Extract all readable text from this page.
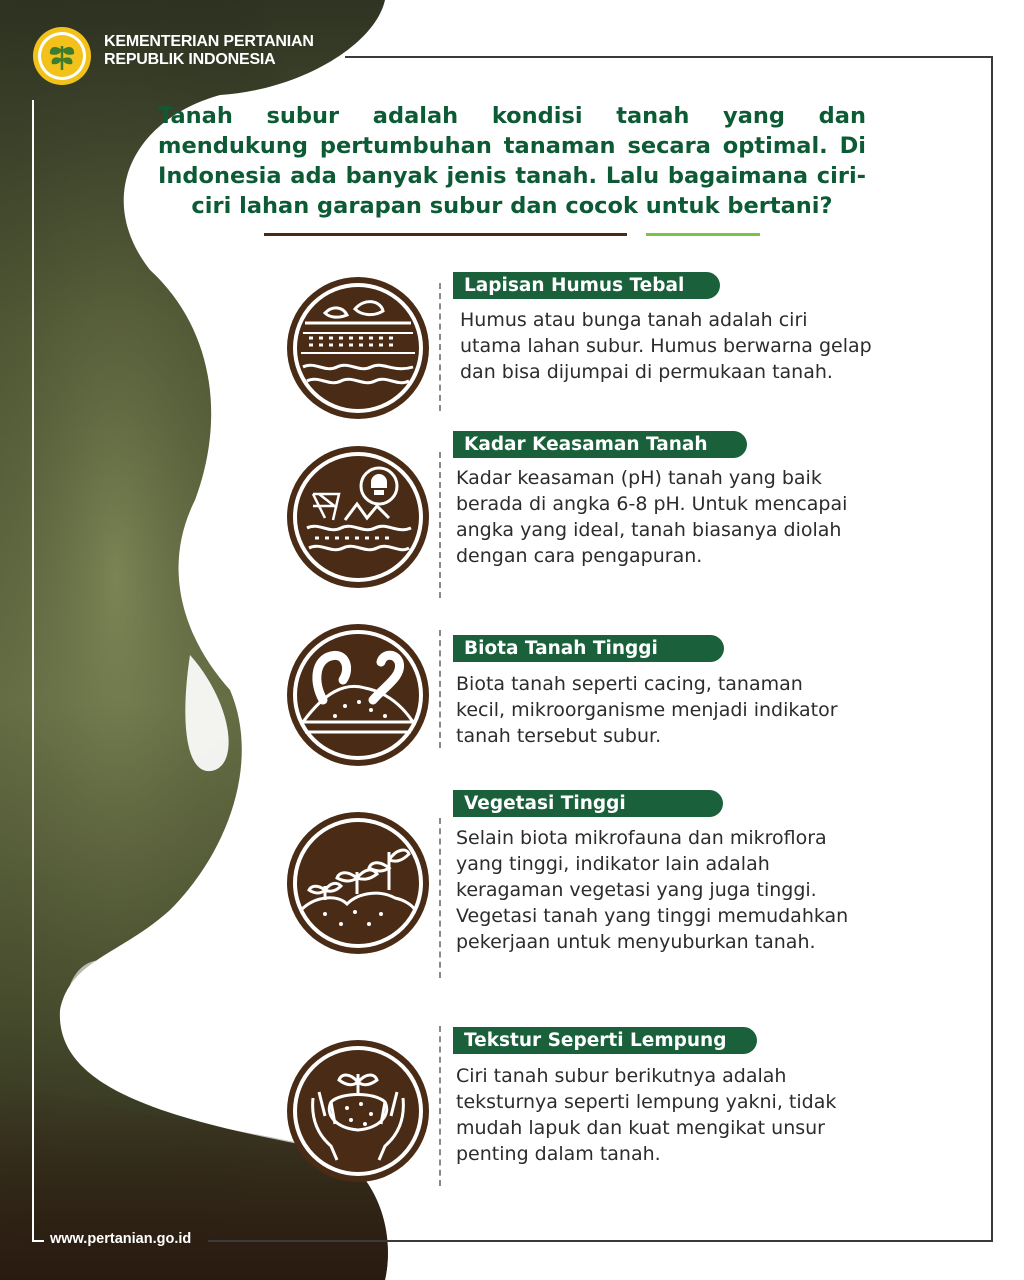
KEMENTERIAN PERTANIAN
REPUBLIK INDONESIA

Tanah subur adalah kondisi tanah yang dan mendukung pertumbuhan tanaman secara optimal. Di Indonesia ada banyak jenis tanah. Lalu bagaimana ciri-ciri lahan garapan subur dan cocok untuk bertani?

Lapisan Humus Tebal

Humus atau bunga tanah adalah ciri utama lahan subur. Humus berwarna gelap dan bisa dijumpai di permukaan tanah.

Kadar Keasaman Tanah

Kadar keasaman (pH) tanah yang baik berada di angka 6-8 pH. Untuk mencapai angka yang ideal, tanah biasanya diolah dengan cara pengapuran.

Biota Tanah Tinggi

Biota tanah seperti cacing, tanaman kecil, mikroorganisme menjadi indikator tanah tersebut subur.

Vegetasi Tinggi

Selain biota mikrofauna dan mikroflora yang tinggi, indikator lain adalah keragaman vegetasi yang juga tinggi. Vegetasi tanah yang tinggi memudahkan pekerjaan untuk menyuburkan tanah.

Tekstur Seperti Lempung

Ciri tanah subur berikutnya adalah teksturnya seperti lempung yakni, tidak mudah lapuk dan kuat mengikat unsur penting dalam tanah.

www.pertanian.go.id
